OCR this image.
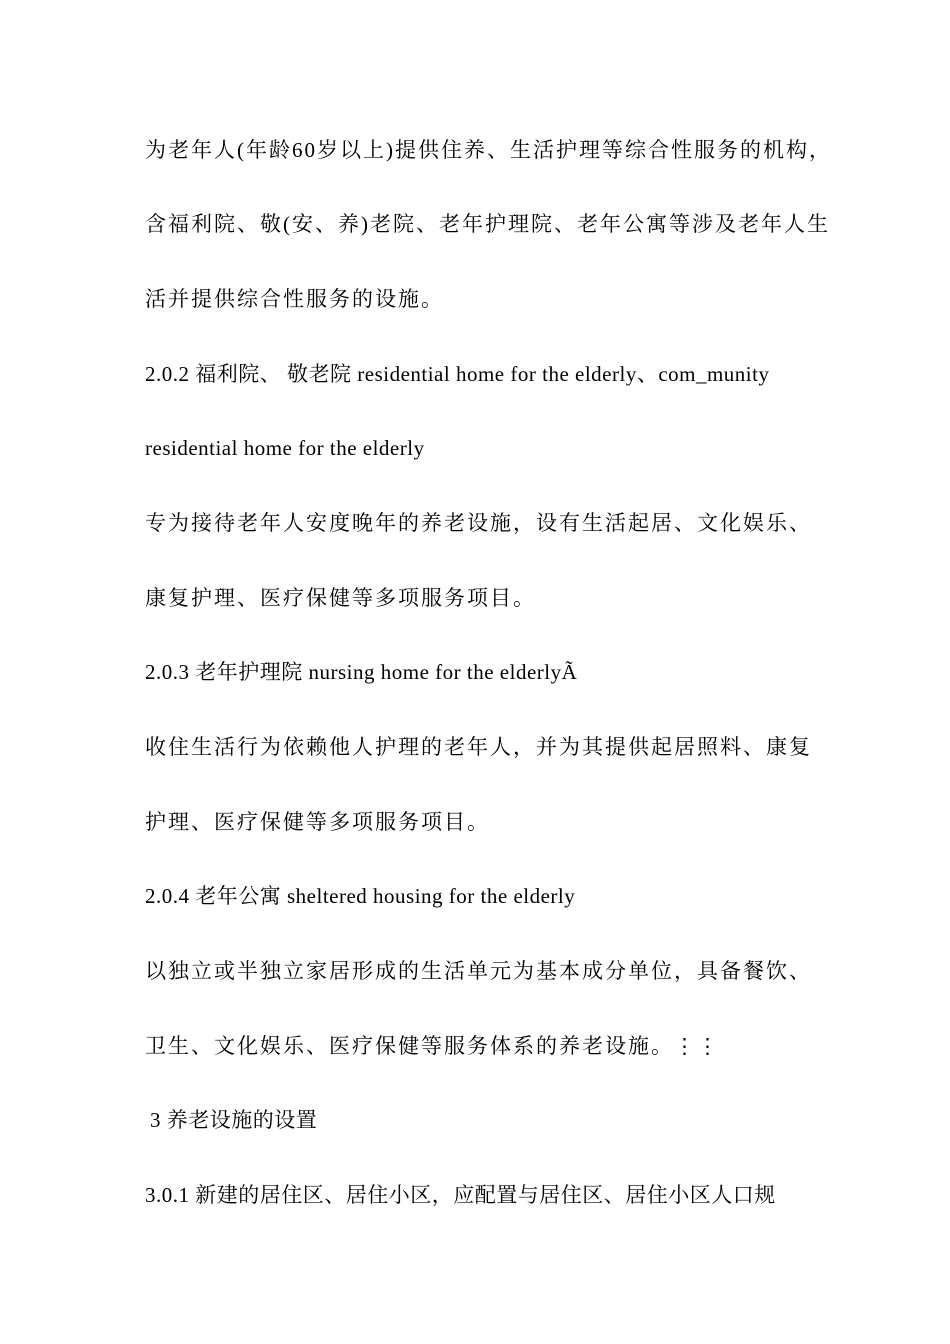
为老年人(年龄60岁以上)提供住养、生活护理等综合性服务的机构，
含福利院、敬(安、养)老院、老年护理院、老年公寓等涉及老年人生
活并提供综合性服务的设施。
2.0.2 福利院、 敬老院 residential home for the elderly、com_munity
residential home for the elderly
专为接待老年人安度晚年的养老设施，设有生活起居、文化娱乐、
康复护理、医疗保健等多项服务项目。
2.0.3 老年护理院 nursing home for the elderlyÃ
收住生活行为依赖他人护理的老年人，并为其提供起居照料、康复
护理、医疗保健等多项服务项目。
2.0.4 老年公寓 sheltered housing for the elderly
以独立或半独立家居形成的生活单元为基本成分单位，具备餐饮、
卫生、文化娱乐、医疗保健等服务体系的养老设施。⋮⋮
3 养老设施的设置
3.0.1 新建的居住区、居住小区，应配置与居住区、居住小区人口规
